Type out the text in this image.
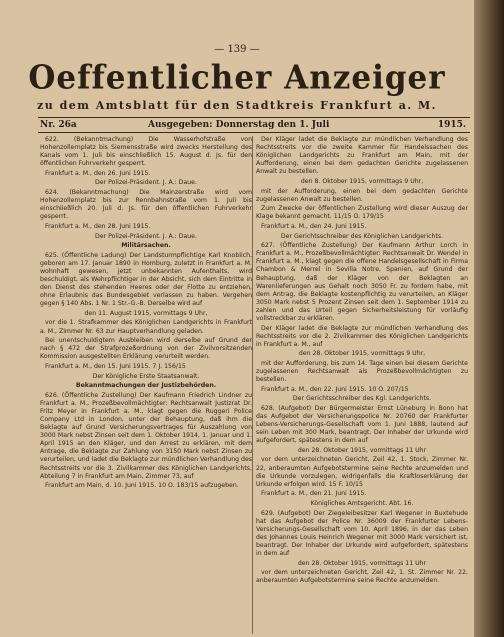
— 139 —
Oeffentlicher Anzeiger
zu dem Amtsblatt für den Stadtkreis Frankfurt a. M.
Nr. 26a	Ausgegeben: Donnerstag den 1. Juli	1915.

622. (Bekanntmachung) Die Wasserhofstraße von Hohenzollernplatz bis Siemensstraße wird zwecks Herstellung des Kanals vom 1. Juli bis einschließlich 15. August d. Js. für den öffentlichen Fuhrverkehr gesperrt.

Frankfurt a. M., den 26. Juni 1915.

Der Polizei-Präsident. J. A.: Daue.

624. (Bekanntmachung) Die Mainzerstraße wird vom Hohenzollernplatz bis zur Rennbahnstraße vom 1. Juli bis einschließlich 20. Juli d. Js. für den öffentlichen Fuhrverkehr gesperrt.

Frankfurt a. M., den 28. Juni 1915.

Der Polizei-Präsident. J. A.: Daue.

Militärsachen.

625. (Öffentliche Ladung) Der Landsturmpflichtige Karl Knoblich, geboren am 17. Januar 1890 in Homburg, zuletzt in Frankfurt a. M. wohnhaft gewesen, jetzt unbekannten Aufenthalts, wird beschuldigt, als Wehrpflichtiger in der Absicht, sich dem Eintritte in den Dienst des stehenden Heeres oder der Flotte zu entziehen, ohne Erlaubnis das Bundesgebiet verlassen zu haben. Vergehen gegen § 140 Abs. 1 Nr. 1 Str.-G.-B. Derselbe wird auf

den 11. August 1915, vormittags 9 Uhr,

vor die 1. Strafkammer des Königlichen Landgerichts in Frankfurt a. M., Zimmer Nr. 63 zur Hauptverhandlung geladen.

Bei unentschuldigtem Ausbleiben wird derselbe auf Grund der nach § 472 der Strafprozeßordnung von der Zivilvorsitzenden Kommission ausgestellten Erklärung verurteilt werden.

Frankfurt a. M., den 15. Juni 1915. 7 J. 156/15

Der Königliche Erste Staatsanwalt.

Bekanntmachungen der Justizbehörden.

626. (Öffentliche Zustellung) Der Kaufmann Friedrich Lindner zu Frankfurt a. M., Prozeßbevollmächtigter: Rechtsanwalt Justizrat Dr. Fritz Meyer in Frankfurt a. M., klagt gegen die Ruggeri Police Company Ltd in London, unter der Behauptung, daß ihm die Beklagte auf Grund Versicherungsvertrages für Auszahlung von 3000 Mark nebst Zinsen seit dem 1. Oktober 1914, 1. Januar und 1. April 1915 an den Kläger, und den Arrest zu erklären, mit dem Antrage, die Beklagte zur Zahlung von 3150 Mark nebst Zinsen zu verurteilen, und ladet die Beklagte zur mündlichen Verhandlung des Rechtsstreits vor die 3. Zivilkammer des Königlichen Landgerichts, Abteilung 7 in Frankfurt am Main, Zimmer 73, auf

Frankfurt am Main, d. 10. Juni 1915. 10 O. 183/15 aufzugeben.

Der Kläger ladet die Beklagte zur mündlichen Verhandlung des Rechtsstreits vor die zweite Kammer für Handelssachen des Königlichen Landgerichts zu Frankfurt am Main, mit der Aufforderung, einen bei dem gedachten Gerichte zugelassenen Anwalt zu bestellen.

den 8. Oktober 1915, vormittags 9 Uhr,

mit der Aufforderung, einen bei dem gedachten Gerichte zugelassenen Anwalt zu bestellen.

Zum Zwecke der öffentlichen Zustellung wird dieser Auszug der Klage bekannt gemacht. 11/15 O. 179/15

Frankfurt a. M., den 24. Juni 1915.

Der Gerichtsschreiber des Königlichen Landgerichts.

627. (Öffentliche Zustellung) Der Kaufmann Arthur Lorch in Frankfurt a. M., Prozeßbevollmächtigter: Rechtsanwalt Dr. Wendel in Frankfurt a. M., klagt gegen die offene Handelsgesellschaft in Firma Chambon & Merrel in Sevilla Notre, Spanien, auf Grund der Behauptung, daß der Kläger von der Beklagten an Warenlieferungen aus Gehalt noch 3050 Fr. zu fordern habe, mit dem Antrag, die Beklagte kostenpflichtig zu verurteilen, an Kläger 3050 Mark nebst 5 Prozent Zinsen seit dem 1. September 1914 zu zahlen und das Urteil gegen Sicherheitsleistung für vorläufig vollstreckbar zu erklären.

Der Kläger ladet die Beklagte zur mündlichen Verhandlung des Rechtsstreits vor die 2. Zivilkammer des Königlichen Landgerichts in Frankfurt a. M., auf

den 28. Oktober 1915, vormittags 9 Uhr,

mit der Aufforderung, bis zum 14. Tage einen bei diesem Gerichte zugelassenen Rechtsanwalt als Prozeßbevollmächtigten zu bestellen.

Frankfurt a. M., den 22. Juni 1915. 10 O. 207/15

Der Gerichtsschreiber des Kgl. Landgerichts.

628. (Aufgebot) Der Bürgermeister Ernst Lüneburg in Bonn hat das Aufgebot der Versicherungspolice Nr. 20760 der Frankfurter Lebens-Versicherungs-Gesellschaft vom 1. Juni 1888, lautend auf sein Leben mit 300 Mark, beantragt. Der Inhaber der Urkunde wird aufgefordert, spätestens in dem auf

den 28. Oktober 1915, vormittags 11 Uhr

vor dem unterzeichneten Gericht, Zeil 42, 1. Stock, Zimmer Nr. 22, anberaumten Aufgebotstermine seine Rechte anzumelden und die Urkunde vorzulegen, widrigenfalls die Kraftloserklärung der Urkunde erfolgen wird. 15 F. 10/15

Frankfurt a. M., den 21. Juni 1915.

Königliches Amtsgericht. Abt. 16.

629. (Aufgebot) Der Ziegeleibesitzer Karl Wegener in Buxtehude hat das Aufgebot der Police Nr. 36009 der Frankfurter Lebens-Versicherungs-Gesellschaft vom 10. April 1896, in der das Leben des Johannes Louis Heinrich Wegener mit 3000 Mark versichert ist, beantragt. Der Inhaber der Urkunde wird aufgefordert, spätestens in dem auf

den 28. Oktober 1915, vormittags 11 Uhr

vor dem unterzeichneten Gericht, Zeil 42, 1. St. Zimmer Nr. 22, anberaumten Aufgebotstermine seine Rechte anzumelden.
